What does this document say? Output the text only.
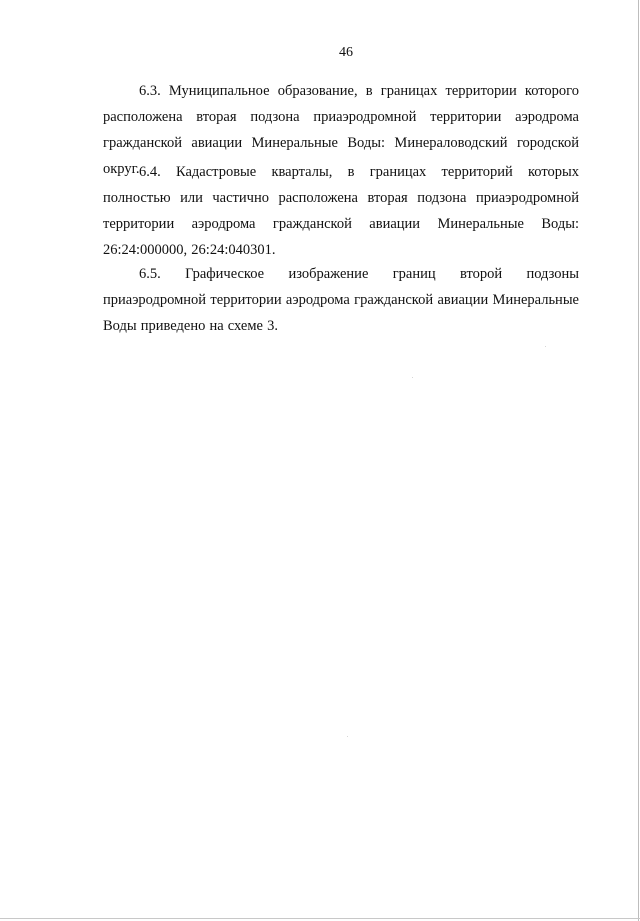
46

6.3. Муниципальное образование, в границах территории которого расположена вторая подзона приаэродромной территории аэродрома гражданской авиации Минеральные Воды: Минераловодский городской округ. 6.4. Кадастровые кварталы, в границах территорий которых полностью или частично расположена вторая подзона приаэродромной территории аэродрома гражданской авиации Минеральные Воды: 26:24:000000, 26:24:040301.

6.5. Графическое изображение границ второй подзоны приаэродромной территории аэродрома гражданской авиации Минеральные Воды приведено на схеме 3.
